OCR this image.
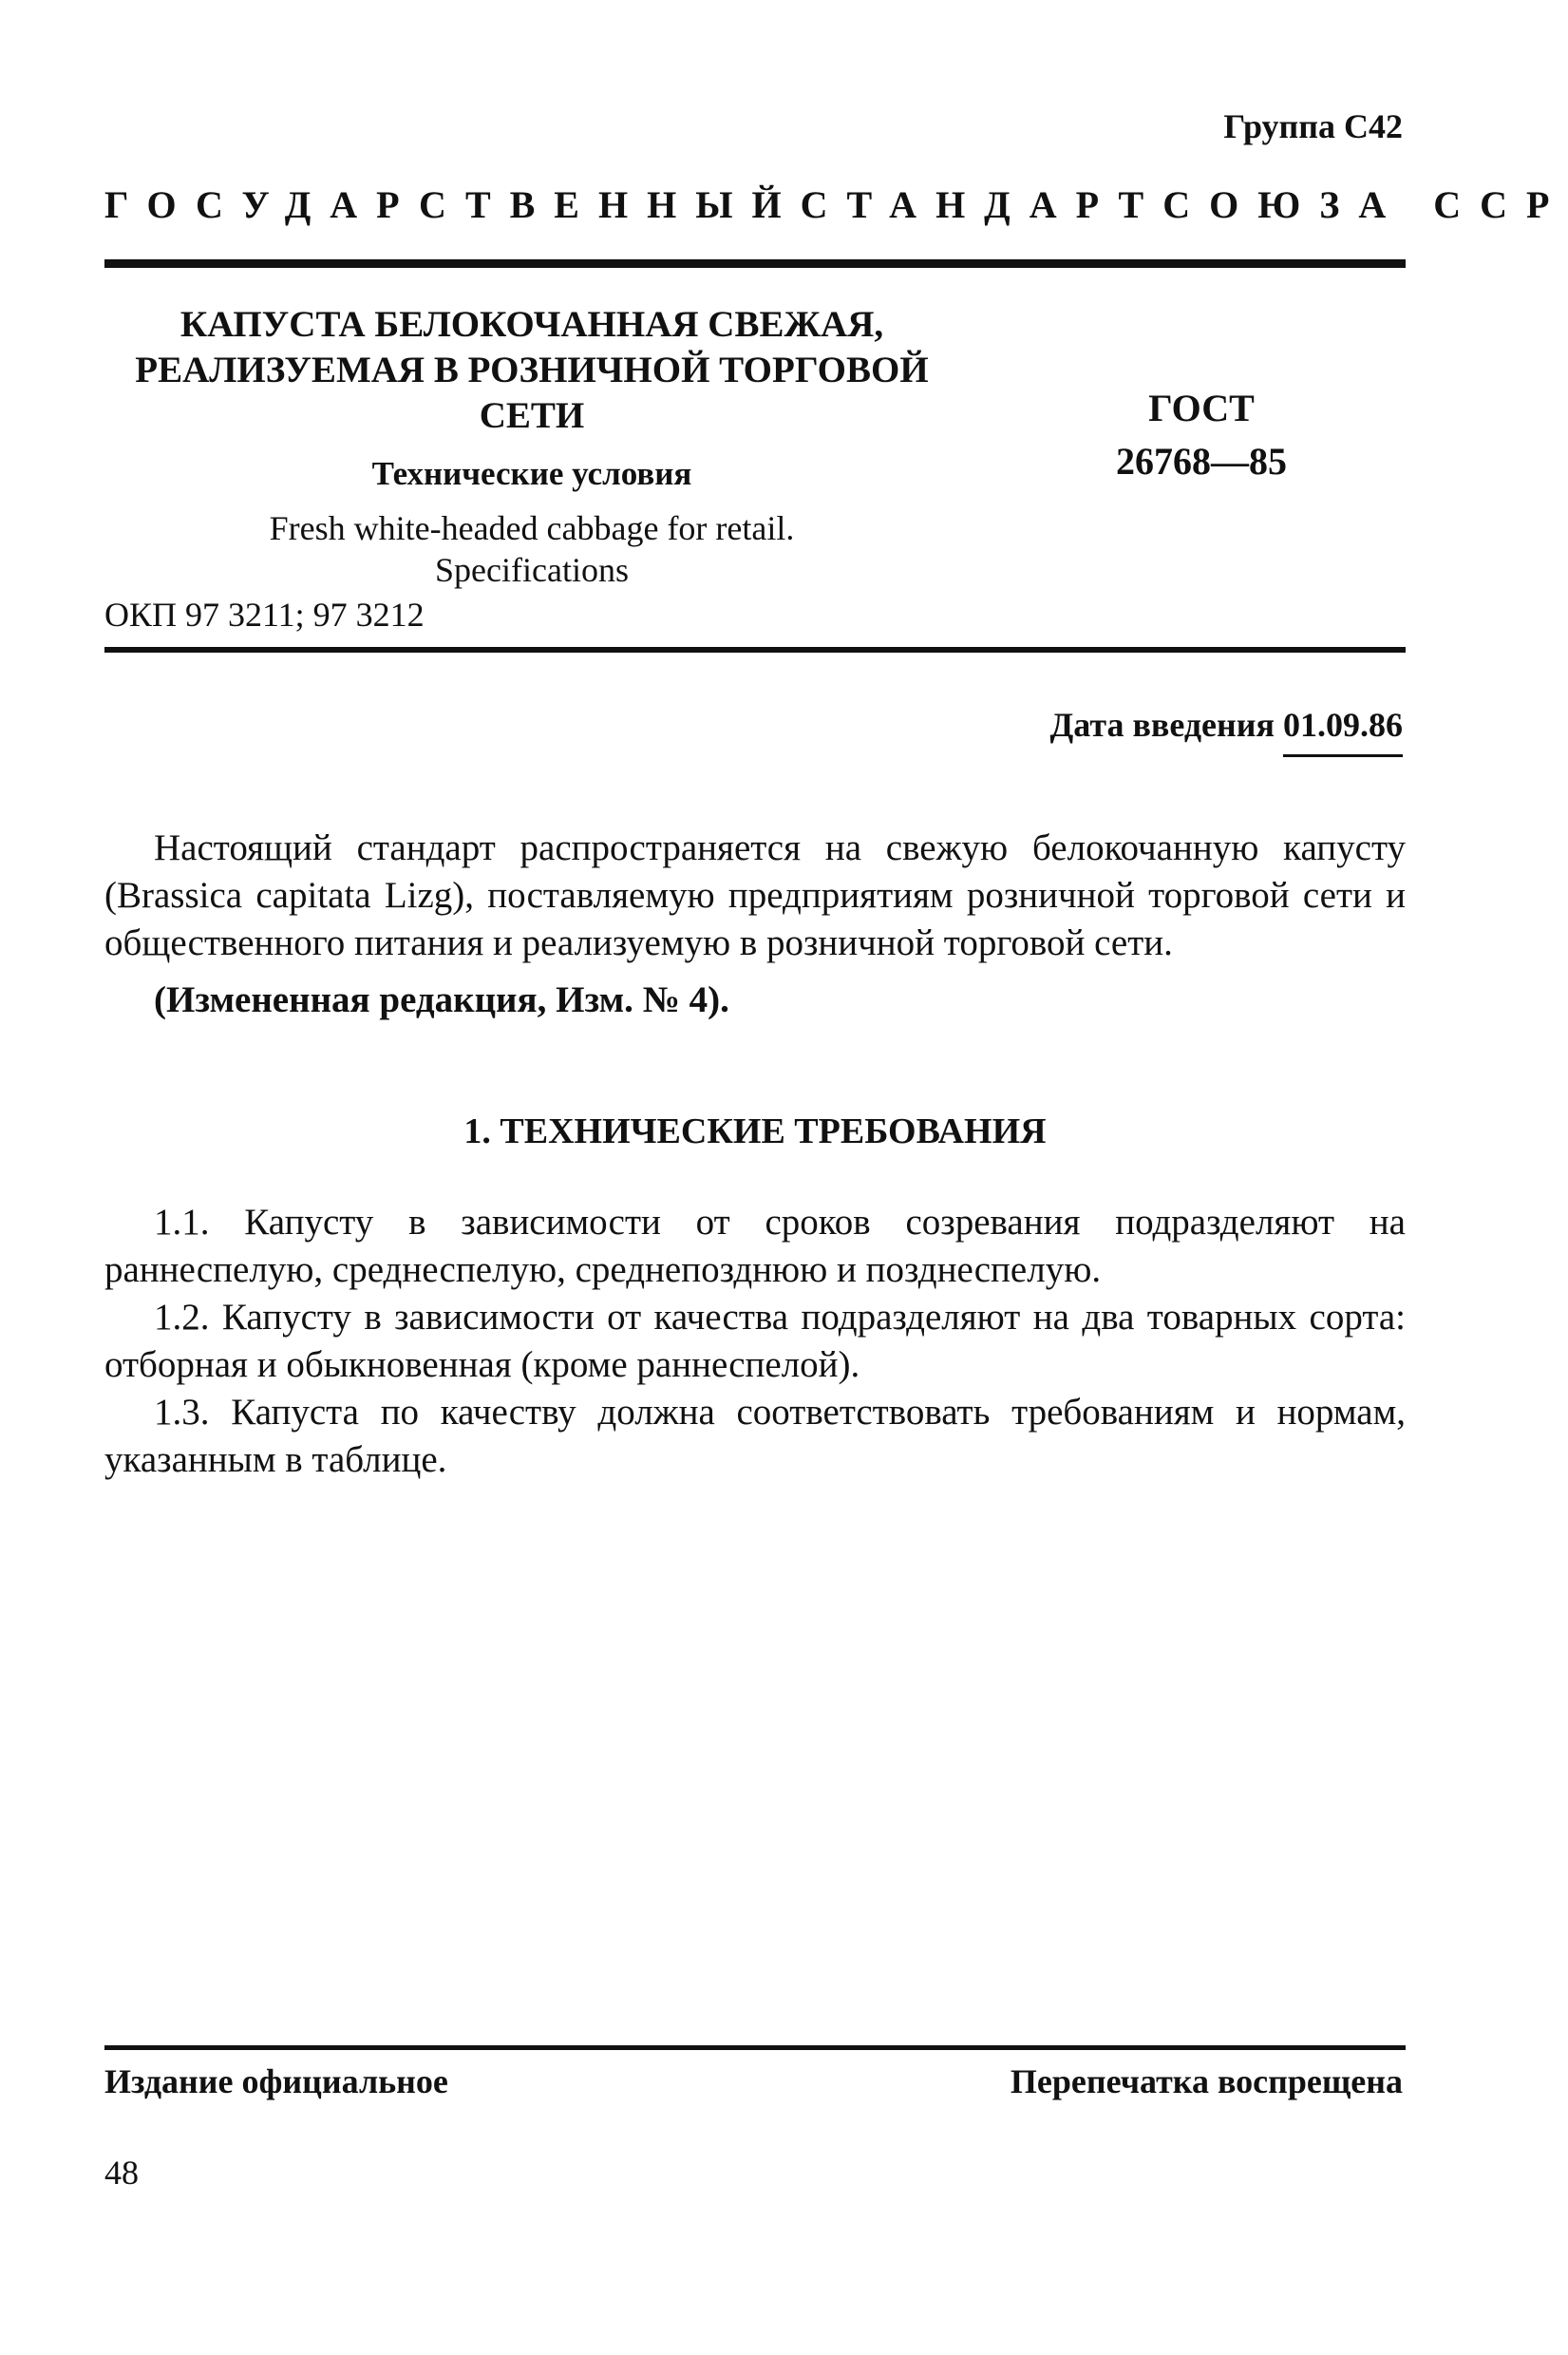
Группа С42
ГОСУДАРСТВЕННЫЙ СТАНДАРТ СОЮЗА ССР
КАПУСТА БЕЛОКОЧАННАЯ СВЕЖАЯ,
РЕАЛИЗУЕМАЯ В РОЗНИЧНОЙ ТОРГОВОЙ
СЕТИ
Технические условия
Fresh white-headed cabbage for retail.
Specifications
ОКП 97 3211; 97 3212
ГОСТ
26768—85
Дата введения 01.09.86

Настоящий стандарт распространяется на свежую белокочанную капусту (Brassica capitata Lizg), поставляемую предприятиям розничной торговой сети и общественного питания и реализуемую в розничной торговой сети.

(Измененная редакция, Изм. № 4).

1. ТЕХНИЧЕСКИЕ ТРЕБОВАНИЯ

1.1. Капусту в зависимости от сроков созревания подразделяют на раннеспелую, среднеспелую, среднепозднюю и позднеспелую.

1.2. Капусту в зависимости от качества подразделяют на два товарных сорта: отборная и обыкновенная (кроме раннеспелой).

1.3. Капуста по качеству должна соответствовать требованиям и нормам, указанным в таблице.

Издание официальное	Перепечатка воспрещена
48
